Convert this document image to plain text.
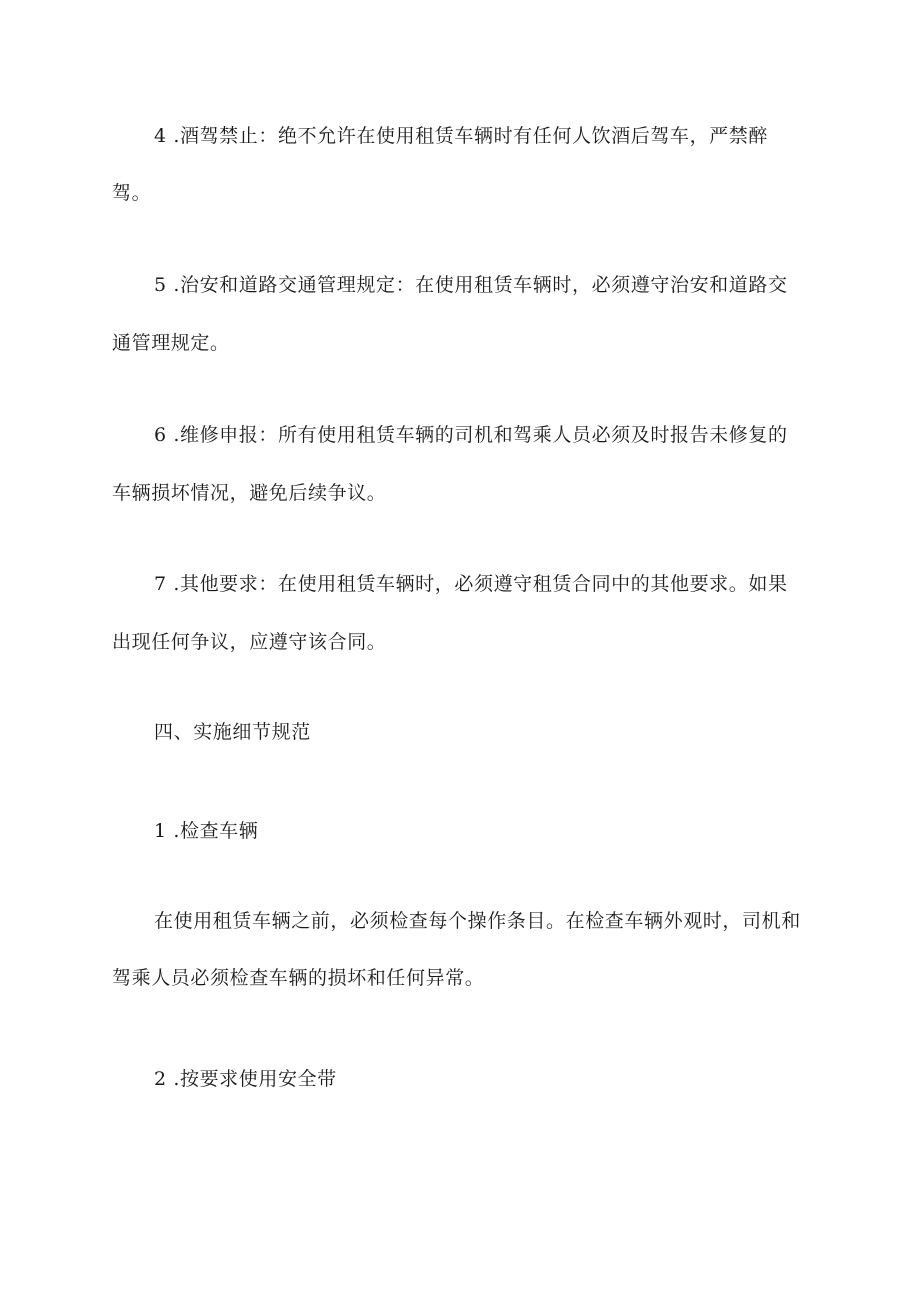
4 .酒驾禁止：绝不允许在使用租赁车辆时有任何人饮酒后驾车，严禁醉
驾。
5 .治安和道路交通管理规定：在使用租赁车辆时，必须遵守治安和道路交
通管理规定。
6 .维修申报：所有使用租赁车辆的司机和驾乘人员必须及时报告未修复的
车辆损坏情况，避免后续争议。
7 .其他要求：在使用租赁车辆时，必须遵守租赁合同中的其他要求。如果
出现任何争议，应遵守该合同。
四、实施细节规范
1 .检查车辆
在使用租赁车辆之前，必须检查每个操作条目。在检查车辆外观时，司机和
驾乘人员必须检查车辆的损坏和任何异常。
2 .按要求使用安全带
